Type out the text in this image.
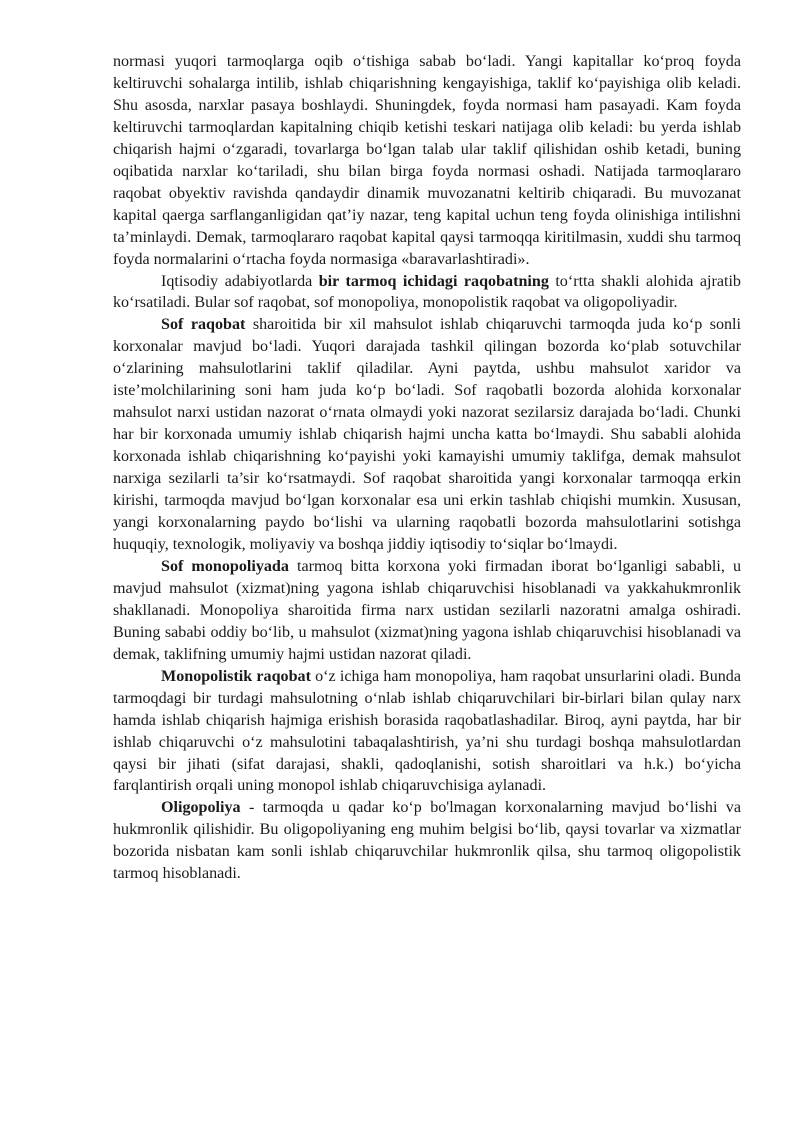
normasi yuqori tarmoqlarga oqib o‘tishiga sabab bo‘ladi. Yangi kapitallar ko‘proq foyda keltiruvchi sohalarga intilib, ishlab chiqarishning kengayishiga, taklif ko‘payishiga olib keladi. Shu asosda, narxlar pasaya boshlaydi. Shuningdek, foyda normasi ham pasayadi. Kam foyda keltiruvchi tarmoqlardan kapitalning chiqib ketishi teskari natijaga olib keladi: bu yerda ishlab chiqarish hajmi o‘zgaradi, tovarlarga bo‘lgan talab ular taklif qilishidan oshib ketadi, buning oqibatida narxlar ko‘tariladi, shu bilan birga foyda normasi oshadi. Natijada tarmoqlararo raqobat obyektiv ravishda qandaydir dinamik muvozanatni keltirib chiqaradi. Bu muvozanat kapital qaerga sarflanganligidan qat’iy nazar, teng kapital uchun teng foyda olinishiga intilishni ta’minlaydi. Demak, tarmoqlararo raqobat kapital qaysi tarmoqqa kiritilmasin, xuddi shu tarmoq foyda normalarini o‘rtacha foyda normasiga «baravarlashtiradi».

Iqtisodiy adabiyotlarda bir tarmoq ichidagi raqobatning to‘rtta shakli alohida ajratib ko‘rsatiladi. Bular sof raqobat, sof monopoliya, monopolistik raqobat va oligopoliyadir.

Sof raqobat sharoitida bir xil mahsulot ishlab chiqaruvchi tarmoqda juda ko‘p sonli korxonalar mavjud bo‘ladi. Yuqori darajada tashkil qilingan bozorda ko‘plab sotuvchilar o‘zlarining mahsulotlarini taklif qiladilar. Ayni paytda, ushbu mahsulot xaridor va iste’molchilarining soni ham juda ko‘p bo‘ladi. Sof raqobatli bozorda alohida korxonalar mahsulot narxi ustidan nazorat o‘rnata olmaydi yoki nazorat sezilarsiz darajada bo‘ladi. Chunki har bir korxonada umumiy ishlab chiqarish hajmi uncha katta bo‘lmaydi. Shu sababli alohida korxonada ishlab chiqarishning ko‘payishi yoki kamayishi umumiy taklifga, demak mahsulot narxiga sezilarli ta’sir ko‘rsatmaydi. Sof raqobat sharoitida yangi korxonalar tarmoqqa erkin kirishi, tarmoqda mavjud bo‘lgan korxonalar esa uni erkin tashlab chiqishi mumkin. Xususan, yangi korxonalarning paydo bo‘lishi va ularning raqobatli bozorda mahsulotlarini sotishga huquqiy, texnologik, moliyaviy va boshqa jiddiy iqtisodiy to‘siqlar bo‘lmaydi.

Sof monopoliyada tarmoq bitta korxona yoki firmadan iborat bo‘lganligi sababli, u mavjud mahsulot (xizmat)ning yagona ishlab chiqaruvchisi hisoblanadi va yakkahukmronlik shakllanadi. Monopoliya sharoitida firma narx ustidan sezilarli nazoratni amalga oshiradi. Buning sababi oddiy bo‘lib, u mahsulot (xizmat)ning yagona ishlab chiqaruvchisi hisoblanadi va demak, taklifning umumiy hajmi ustidan nazorat qiladi.

Monopolistik raqobat o‘z ichiga ham monopoliya, ham raqobat unsurlarini oladi. Bunda tarmoqdagi bir turdagi mahsulotning o‘nlab ishlab chiqaruvchilari bir-birlari bilan qulay narx hamda ishlab chiqarish hajmiga erishish borasida raqobatlashadilar. Biroq, ayni paytda, har bir ishlab chiqaruvchi o‘z mahsulotini tabaqalashtirish, ya’ni shu turdagi boshqa mahsulotlardan qaysi bir jihati (sifat darajasi, shakli, qadoqlanishi, sotish sharoitlari va h.k.) bo‘yicha farqlantirish orqali uning monopol ishlab chiqaruvchisiga aylanadi.

Oligopoliya - tarmoqda u qadar ko‘p bo'lmagan korxonalarning mavjud bo‘lishi va hukmronlik qilishidir. Bu oligopoliyaning eng muhim belgisi bo‘lib, qaysi tovarlar va xizmatlar bozorida nisbatan kam sonli ishlab chiqaruvchilar hukmronlik qilsa, shu tarmoq oligopolistik tarmoq hisoblanadi.
